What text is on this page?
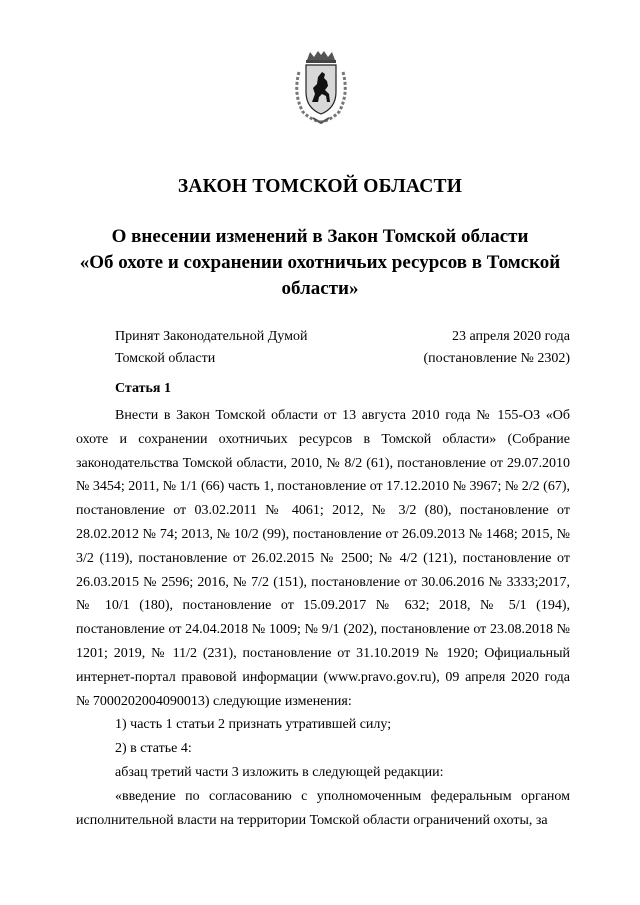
ЗАКОН ТОМСКОЙ ОБЛАСТИ
О внесении изменений в Закон Томской области
«Об охоте и сохранении охотничьих ресурсов в Томской области»
Принят Законодательной Думой
Томской области
23 апреля 2020 года
(постановление № 2302)
Статья 1

Внести в Закон Томской области от 13 августа 2010 года № 155-ОЗ «Об охоте и сохранении охотничьих ресурсов в Томской области» (Собрание законодательства Томской области, 2010, № 8/2 (61), постановление от 29.07.2010 № 3454; 2011, № 1/1 (66) часть 1, постановление от 17.12.2010 № 3967; № 2/2 (67), постановление от 03.02.2011 № 4061; 2012, № 3/2 (80), постановление от 28.02.2012 № 74; 2013, № 10/2 (99), постановление от 26.09.2013 № 1468; 2015, № 3/2 (119), постановление от 26.02.2015 № 2500; № 4/2 (121), постановление от 26.03.2015 № 2596; 2016, № 7/2 (151), постановление от 30.06.2016 № 3333;2017, № 10/1 (180), постановление от 15.09.2017 № 632; 2018, № 5/1 (194), постановление от 24.04.2018 № 1009; № 9/1 (202), постановление от 23.08.2018 № 1201; 2019, № 11/2 (231), постановление от 31.10.2019 № 1920; Официальный интернет-портал правовой информации (www.pravo.gov.ru), 09 апреля 2020 года № 7000202004090013) следующие изменения:

1) часть 1 статьи 2 признать утратившей силу;

2) в статье 4:

абзац третий части 3 изложить в следующей редакции:

«введение по согласованию с уполномоченным федеральным органом исполнительной власти на территории Томской области ограничений охоты, за
